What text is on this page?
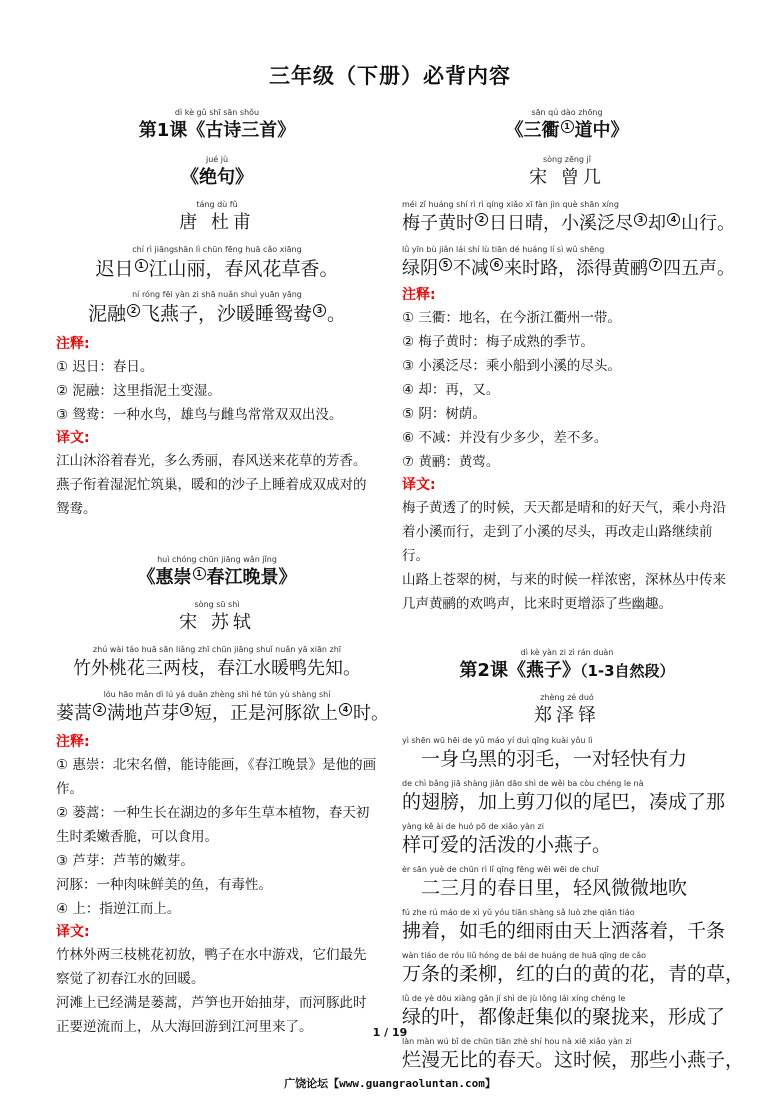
三年级（下册）必背内容
dì kè gǔ shī sān shǒu
第1课《古诗三首》
jué jù
《绝句》
táng dù fǔ
唐 杜甫
chí rì jiāngshān lì chūn fēng huā cǎo xiāng
迟日 1 江山丽，春风花草香。
ní róng fēi yàn zi shā nuǎn shuì yuān yāng
泥融 2 飞燕子，沙暖睡鸳鸯 3 。
注释:
① 迟日：春日。
② 泥融：这里指泥土变湿。
③ 鸳鸯：一种水鸟，雄鸟与雌鸟常常双双出没。
译文:
江山沐浴着春光，多么秀丽，春风送来花草的芳香。
燕子衔着湿泥忙筑巢，暖和的沙子上睡着成双成对的鸳鸯。
huì chóng chūn jiāng wǎn jǐng
《惠崇 1 春江晚景》
sòng sū shì
宋 苏轼
zhú wài táo huā sān liǎng zhī chūn jiāng shuǐ nuǎn yā xiān zhī
竹外桃花三两枝，春江水暖鸭先知。
lóu hāo mǎn dì lú yá duǎn zhèng shì hé tún yù shàng shí
蒌蒿 2 满地芦芽 3 短，正是河豚欲上 4 时。
注释:
① 惠崇：北宋名僧，能诗能画，《春江晚景》是他的画作。
② 蒌蒿：一种生长在湖边的多年生草本植物，春天初生时柔嫩香脆，可以食用。
③ 芦芽：芦苇的嫩芽。
河豚：一种肉味鲜美的鱼，有毒性。
④ 上：指逆江而上。
译文:
竹林外两三枝桃花初放，鸭子在水中游戏，它们最先察觉了初春江水的回暖。
河滩上已经满是蒌蒿，芦笋也开始抽芽，而河豚此时正要逆流而上，从大海回游到江河里来了。
sān qú dào zhōng
《三衢 1 道中》
sòng zēng jǐ
宋 曾几
méi zǐ huáng shí rì rì qíng xiǎo xī fàn jìn què shān xíng
梅子黄时 2 日日晴，小溪泛尽 3 却 4 山行。
lǜ yīn bù jiǎn lái shí lù tiān dé huáng lí sì wǔ shēng
绿阴 5 不减 6 来时路，添得黄鹂 7 四五声。
注释:
① 三衢：地名，在今浙江衢州一带。
② 梅子黄时：梅子成熟的季节。
③ 小溪泛尽：乘小船到小溪的尽头。
④ 却：再，又。
⑤ 阴：树荫。
⑥ 不减：并没有少多少，差不多。
⑦ 黄鹂：黄莺。
译文:
梅子黄透了的时候，天天都是晴和的好天气，乘小舟沿着小溪而行，走到了小溪的尽头，再改走山路继续前行。
山路上苍翠的树，与来的时候一样浓密，深林丛中传来几声黄鹂的欢鸣声，比来时更增添了些幽趣。
dì kè yàn zi zì rán duàn
第2课《燕子》（1-3自然段）
zhèng zé duó
郑泽铎
yì shēn wū hēi de yǔ máo yí duì qīng kuài yǒu lì
　一身乌黑的羽毛，一对轻快有力
de chì bǎng jiā shàng jiǎn dāo shì de wěi ba còu chéng le nà
的翅膀，加上剪刀似的尾巴，凑成了那
yàng kě ài de huó pō de xiǎo yàn zi
样可爱的活泼的小燕子。
èr sān yuè de chūn rì lǐ qīng fēng wēi wēi de chuī
　二三月的春日里，轻风微微地吹
fú zhe rú máo de xì yǔ yóu tiān shàng sǎ luò zhe qiān tiáo
拂着，如毛的细雨由天上洒落着，千条
wàn tiáo de róu liǔ hóng de bái de huáng de huā qīng de cǎo
万条的柔柳，红的白的黄的花，青的草，
lǜ de yè dōu xiàng gǎn jí shì de jù lǒng lái xíng chéng le
绿的叶，都像赶集似的聚拢来，形成了
làn màn wú bǐ de chūn tiān zhè shí hou nà xiē xiǎo yàn zi
烂漫无比的春天。这时候，那些小燕子，
1 / 19
广饶论坛【www.guangraoluntan.com】
